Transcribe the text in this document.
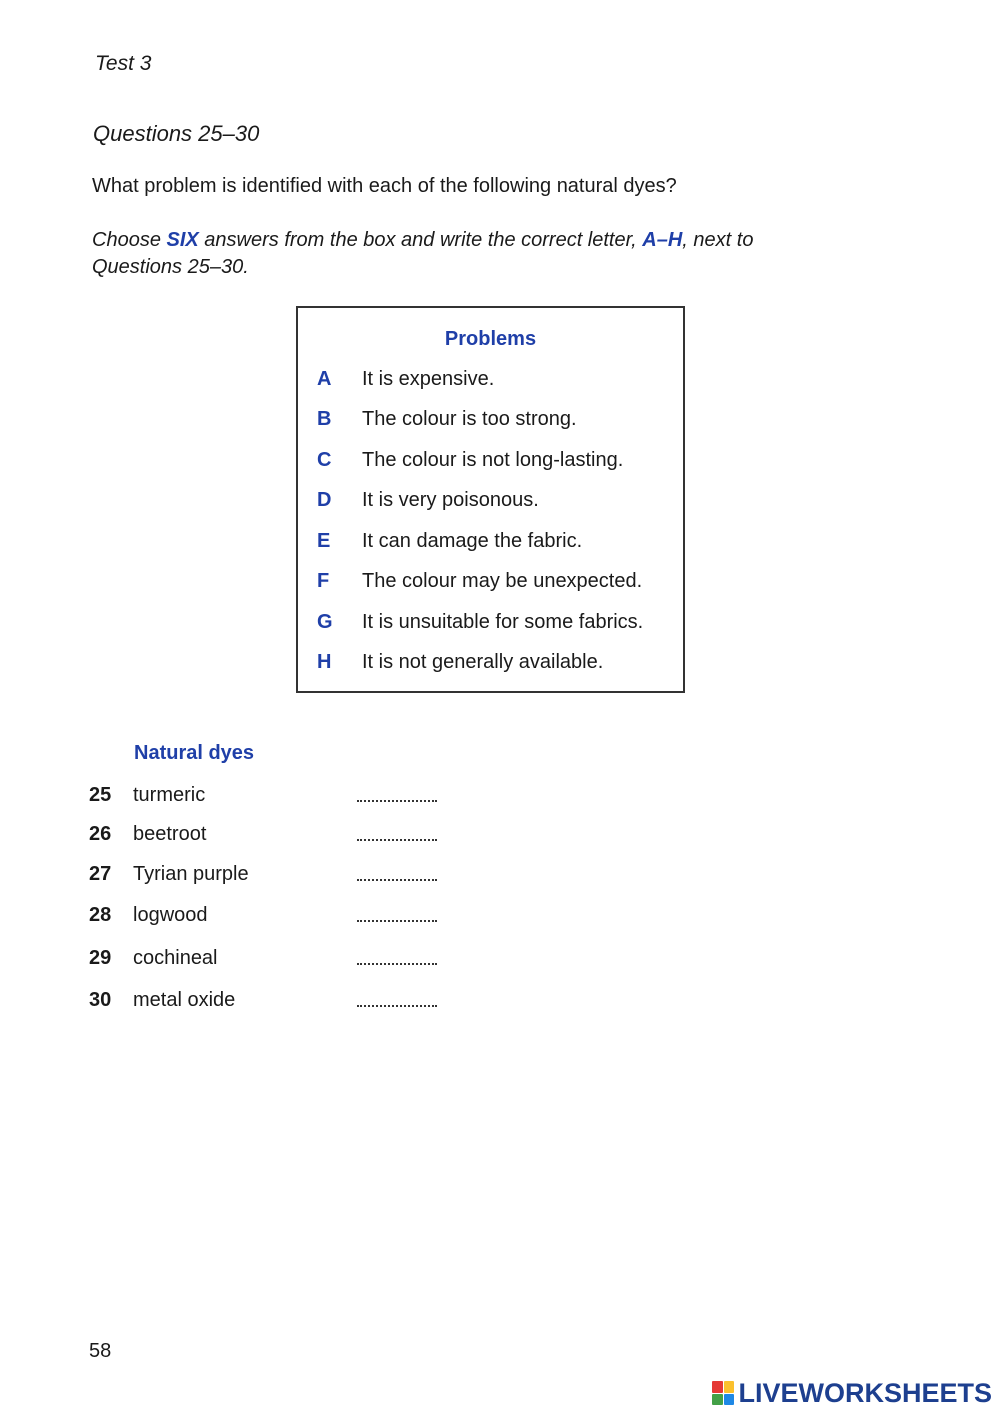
Test 3
Questions 25–30
What problem is identified with each of the following natural dyes?
Choose SIX answers from the box and write the correct letter, A–H, next to
Questions 25–30.
Problems
A It is expensive.
B The colour is too strong.
C The colour is not long-lasting.
D It is very poisonous.
E It can damage the fabric.
F The colour may be unexpected.
G It is unsuitable for some fabrics.
H It is not generally available.
Natural dyes
25 turmeric
26 beetroot
27 Tyrian purple
28 logwood
29 cochineal
30 metal oxide
58
LIVEWORKSHEETS
